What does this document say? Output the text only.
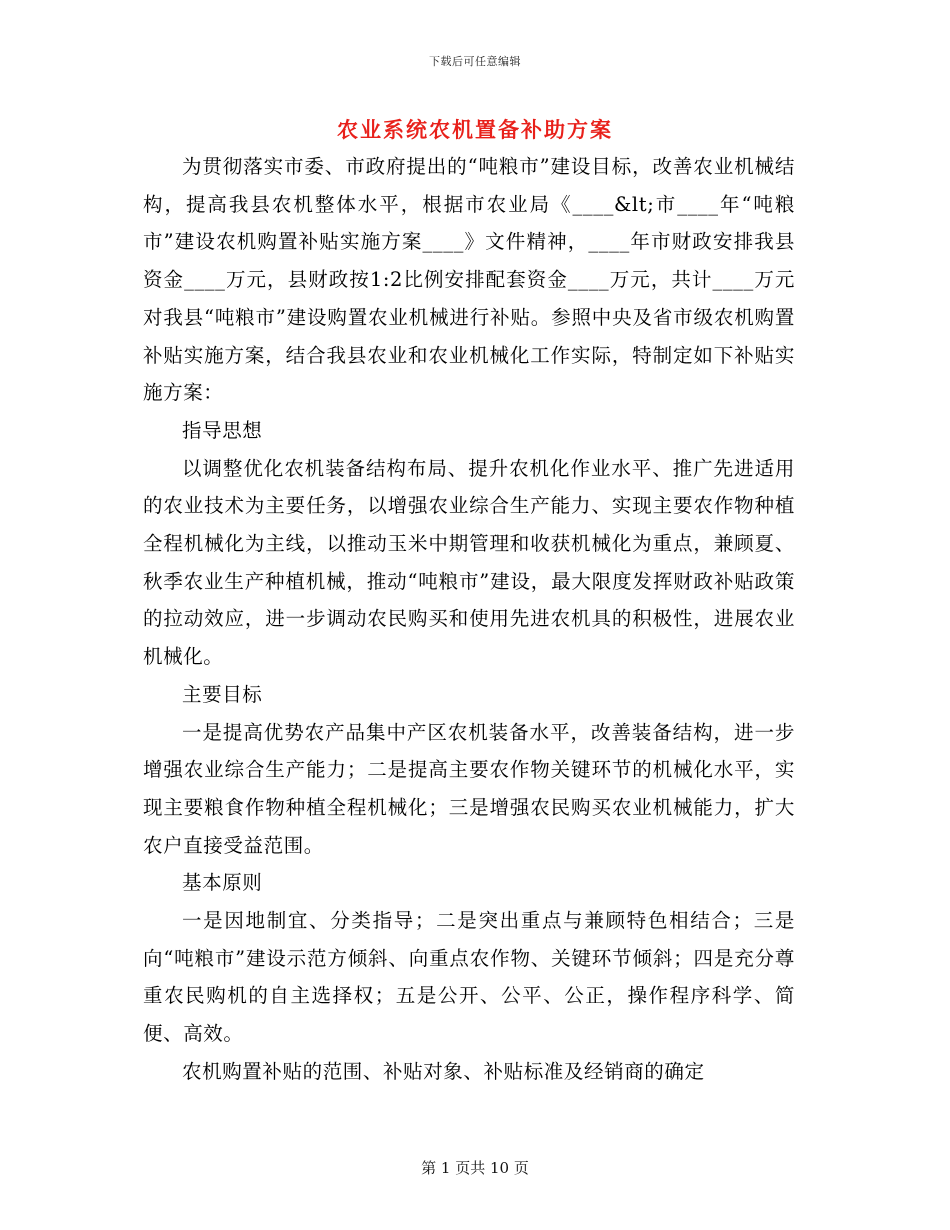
下载后可任意编辑
农业系统农机置备补助方案

为贯彻落实市委、市政府提出的“吨粮市”建设目标，改善农业机械结构，提高我县农机整体水平，根据市农业局《____&lt;市____年“吨粮市”建设农机购置补贴实施方案____》文件精神，____年市财政安排我县资金____万元，县财政按1:2比例安排配套资金____万元，共计____万元对我县“吨粮市”建设购置农业机械进行补贴。参照中央及省市级农机购置补贴实施方案，结合我县农业和农业机械化工作实际，特制定如下补贴实施方案：

指导思想

以调整优化农机装备结构布局、提升农机化作业水平、推广先进适用的农业技术为主要任务，以增强农业综合生产能力、实现主要农作物种植全程机械化为主线，以推动玉米中期管理和收获机械化为重点，兼顾夏、秋季农业生产种植机械，推动“吨粮市”建设，最大限度发挥财政补贴政策的拉动效应，进一步调动农民购买和使用先进农机具的积极性，进展农业机械化。

主要目标

一是提高优势农产品集中产区农机装备水平，改善装备结构，进一步增强农业综合生产能力；二是提高主要农作物关键环节的机械化水平，实现主要粮食作物种植全程机械化；三是增强农民购买农业机械能力，扩大农户直接受益范围。

基本原则

一是因地制宜、分类指导；二是突出重点与兼顾特色相结合；三是向“吨粮市”建设示范方倾斜、向重点农作物、关键环节倾斜；四是充分尊重农民购机的自主选择权；五是公开、公平、公正，操作程序科学、简便、高效。

农机购置补贴的范围、补贴对象、补贴标准及经销商的确定

第 1 页共 10 页
